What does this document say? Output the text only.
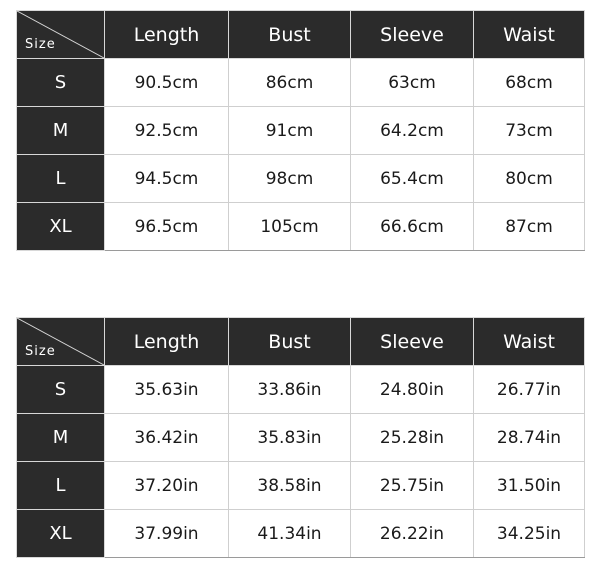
Size	Length	Bust	Sleeve	Waist
S	90.5cm	86cm	63cm	68cm
M	92.5cm	91cm	64.2cm	73cm
L	94.5cm	98cm	65.4cm	80cm
XL	96.5cm	105cm	66.6cm	87cm
Size	Length	Bust	Sleeve	Waist
S	35.63in	33.86in	24.80in	26.77in
M	36.42in	35.83in	25.28in	28.74in
L	37.20in	38.58in	25.75in	31.50in
XL	37.99in	41.34in	26.22in	34.25in
